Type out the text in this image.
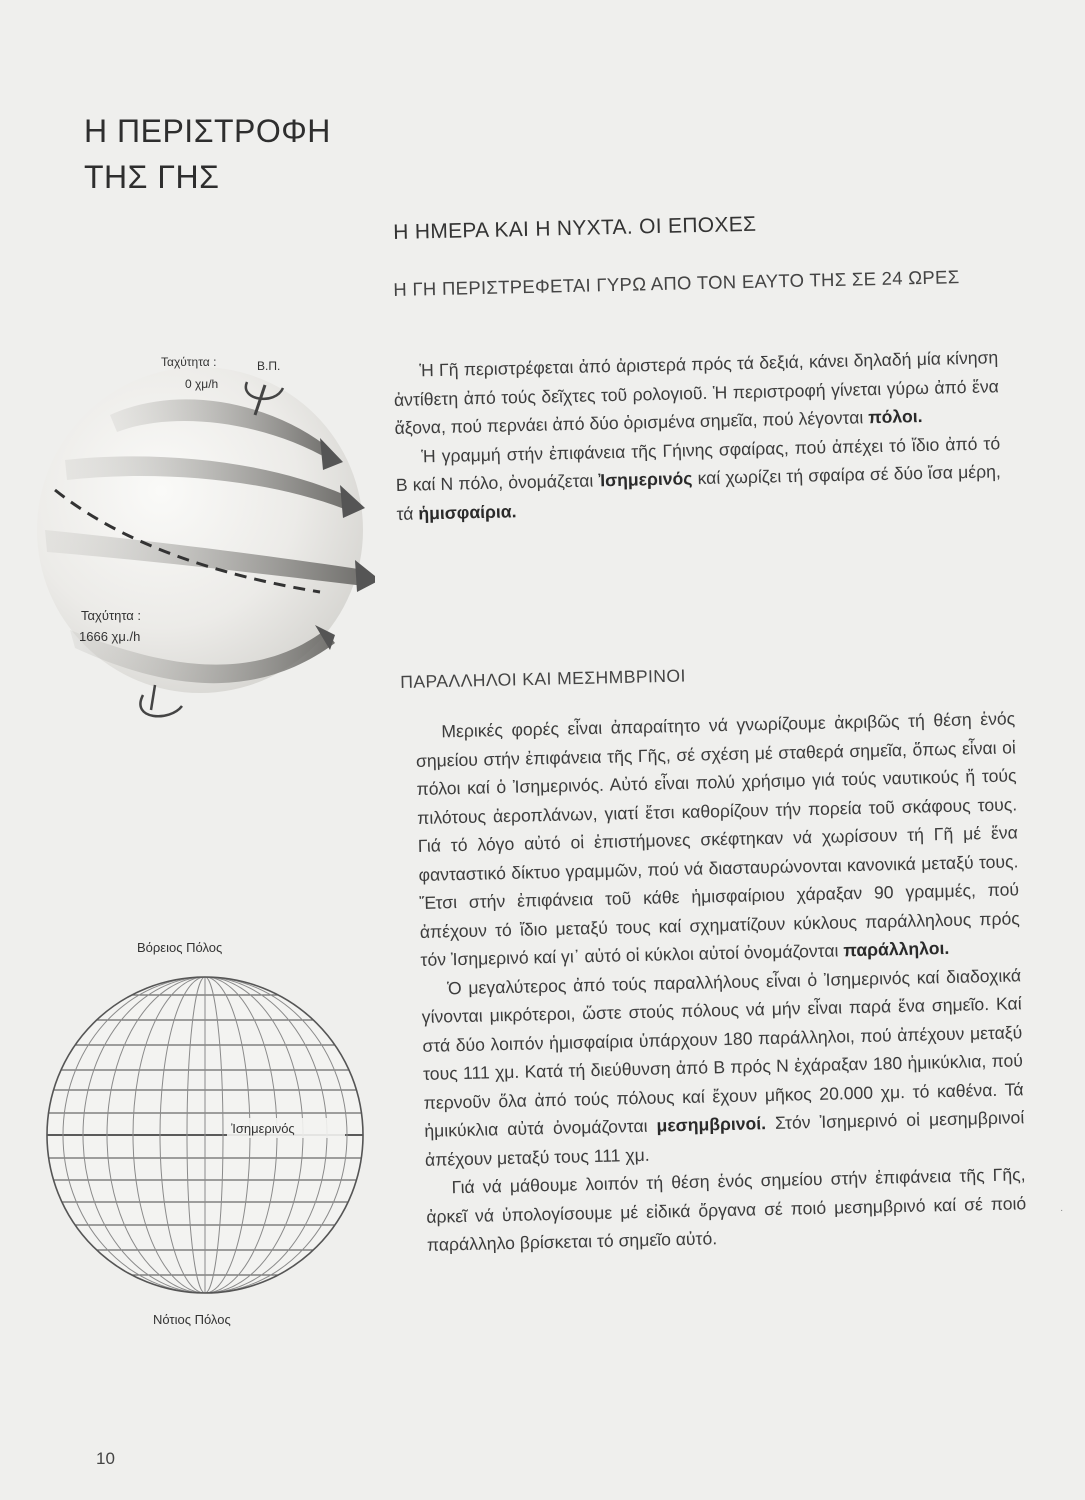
Η ΠΕΡΙΣΤΡΟΦΗ
ΤΗΣ ΓΗΣ
Ταχύτητα :
0 χμ/h
Β.Π.
Ταχύτητα :
1666 χμ./h
Βόρειος Πόλος
Ἰσημερινός
Νότιος Πόλος
Η ΗΜΕΡΑ ΚΑΙ Η ΝΥΧΤΑ. ΟΙ ΕΠΟΧΕΣ
Η ΓΗ ΠΕΡΙΣΤΡΕΦΕΤΑΙ ΓΥΡΩ ΑΠΟ ΤΟΝ ΕΑΥΤΟ ΤΗΣ ΣΕ 24 ΩΡΕΣ

Ἡ Γῆ περιστρέφεται ἀπό ἀριστερά πρός τά δεξιά, κάνει δηλαδή μία κίνηση ἀντίθετη ἀπό τούς δεῖχτες τοῦ ρολογιοῦ. Ἡ περιστροφή γίνεται γύρω ἀπό ἕνα ἄξονα, πού περνάει ἀπό δύο ὁρισμένα σημεῖα, πού λέγονται πόλοι.

Ἡ γραμμή στήν ἐπιφάνεια τῆς Γήινης σφαίρας, πού ἀπέχει τό ἴδιο ἀπό τό Β καί Ν πόλο, ὀνομάζεται Ἰσημερινός καί χωρίζει τή σφαίρα σέ δύο ἴσα μέρη, τά ἡμισφαίρια.

ΠΑΡΑΛΛΗΛΟΙ ΚΑΙ ΜΕΣΗΜΒΡΙΝΟΙ

Μερικές φορές εἶναι ἀπαραίτητο νά γνωρίζουμε ἀκριβῶς τή θέση ἑνός σημείου στήν ἐπιφάνεια τῆς Γῆς, σέ σχέση μέ σταθερά σημεῖα, ὅπως εἶναι οἱ πόλοι καί ὁ Ἰσημερινός. Αὐτό εἶναι πολύ χρήσιμο γιά τούς ναυτικούς ἤ τούς πιλότους ἀεροπλάνων, γιατί ἔτσι καθορίζουν τήν πορεία τοῦ σκάφους τους. Γιά τό λόγο αὐτό οἱ ἐπιστήμονες σκέφτηκαν νά χωρίσουν τή Γῆ μέ ἕνα φανταστικό δίκτυο γραμμῶν, πού νά διασταυρώνονται κανονικά μεταξύ τους. Ἔτσι στήν ἐπιφάνεια τοῦ κάθε ἡμισφαίριου χάραξαν 90 γραμμές, πού ἀπέχουν τό ἴδιο μεταξύ τους καί σχηματίζουν κύκλους παράλληλους πρός τόν Ἰσημερινό καί γι᾿ αὐτό οἱ κύκλοι αὐτοί ὀνομάζονται παράλληλοι.

Ὁ μεγαλύτερος ἀπό τούς παραλλήλους εἶναι ὁ Ἰσημερινός καί διαδοχικά γίνονται μικρότεροι, ὥστε στούς πόλους νά μήν εἶναι παρά ἕνα σημεῖο. Καί στά δύο λοιπόν ἡμισφαίρια ὑπάρχουν 180 παράλληλοι, πού ἀπέχουν μεταξύ τους 111 χμ. Κατά τή διεύθυνση ἀπό Β πρός Ν ἐχάραξαν 180 ἡμικύκλια, πού περνοῦν ὅλα ἀπό τούς πόλους καί ἔχουν μῆκος 20.000 χμ. τό καθένα. Τά ἡμικύκλια αὐτά ὀνομάζονται μεσημβρινοί. Στόν Ἰσημερινό οἱ μεσημβρινοί ἀπέχουν μεταξύ τους 111 χμ.

Γιά νά μάθουμε λοιπόν τή θέση ἑνός σημείου στήν ἐπιφάνεια τῆς Γῆς, ἀρκεῖ νά ὑπολογίσουμε μέ εἰδικά ὄργανα σέ ποιό μεσημβρινό καί σέ ποιό παράλληλο βρίσκεται τό σημεῖο αὐτό.

·
10
